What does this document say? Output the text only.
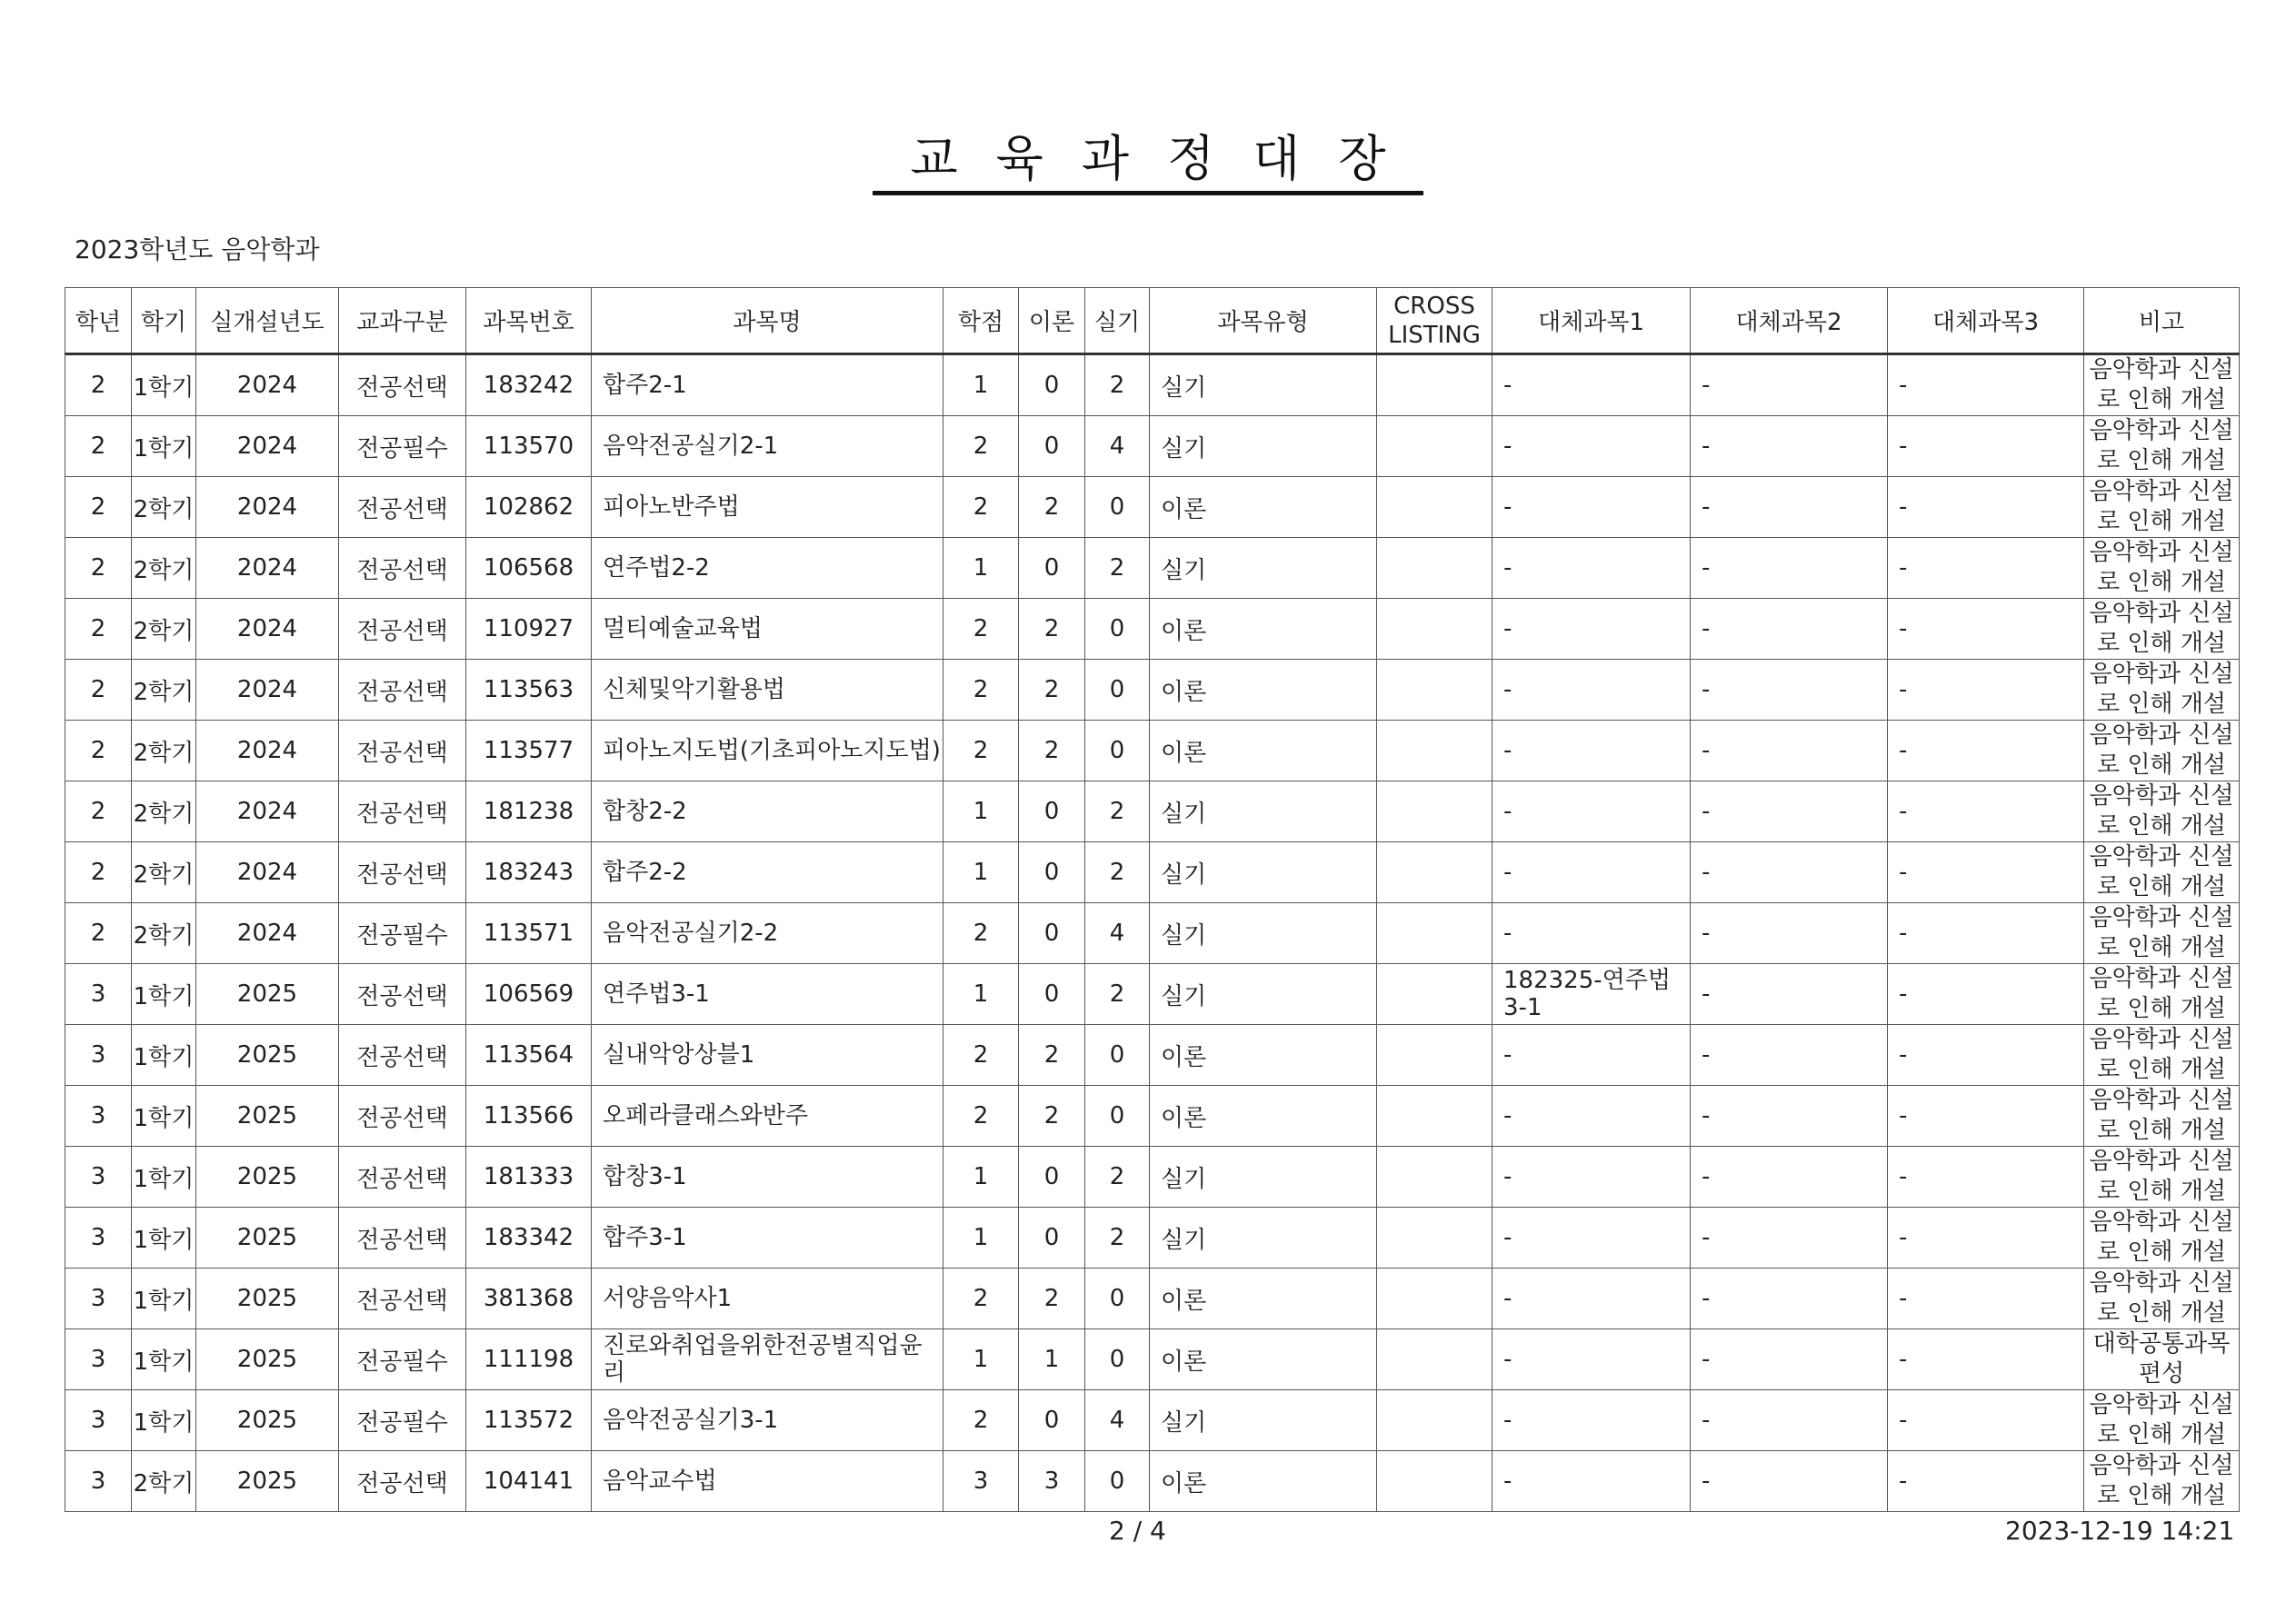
교육과정대장
2023학년도 음악학과
학년	학기	실개설년도	교과구분	과목번호	과목명	학점	이론	실기	과목유형	CROSS LISTING	대체과목1	대체과목2	대체과목3	비고
2	1학기	2024	전공선택	183242	합주2-1	1	0	2	실기		-	-	-	음악학과 신설로 인해 개설
2	1학기	2024	전공필수	113570	음악전공실기2-1	2	0	4	실기		-	-	-	음악학과 신설로 인해 개설
2	2학기	2024	전공선택	102862	피아노반주법	2	2	0	이론		-	-	-	음악학과 신설로 인해 개설
2	2학기	2024	전공선택	106568	연주법2-2	1	0	2	실기		-	-	-	음악학과 신설로 인해 개설
2	2학기	2024	전공선택	110927	멀티예술교육법	2	2	0	이론		-	-	-	음악학과 신설로 인해 개설
2	2학기	2024	전공선택	113563	신체및악기활용법	2	2	0	이론		-	-	-	음악학과 신설로 인해 개설
2	2학기	2024	전공선택	113577	피아노지도법(기초피아노지도법)	2	2	0	이론		-	-	-	음악학과 신설로 인해 개설
2	2학기	2024	전공선택	181238	합창2-2	1	0	2	실기		-	-	-	음악학과 신설로 인해 개설
2	2학기	2024	전공선택	183243	합주2-2	1	0	2	실기		-	-	-	음악학과 신설로 인해 개설
2	2학기	2024	전공필수	113571	음악전공실기2-2	2	0	4	실기		-	-	-	음악학과 신설로 인해 개설
3	1학기	2025	전공선택	106569	연주법3-1	1	0	2	실기		182325-연주법3-1	-	-	음악학과 신설로 인해 개설
3	1학기	2025	전공선택	113564	실내악앙상블1	2	2	0	이론		-	-	-	음악학과 신설로 인해 개설
3	1학기	2025	전공선택	113566	오페라클래스와반주	2	2	0	이론		-	-	-	음악학과 신설로 인해 개설
3	1학기	2025	전공선택	181333	합창3-1	1	0	2	실기		-	-	-	음악학과 신설로 인해 개설
3	1학기	2025	전공선택	183342	합주3-1	1	0	2	실기		-	-	-	음악학과 신설로 인해 개설
3	1학기	2025	전공선택	381368	서양음악사1	2	2	0	이론		-	-	-	음악학과 신설로 인해 개설
3	1학기	2025	전공필수	111198	진로와취업을위한전공별직업윤리	1	1	0	이론		-	-	-	대학공통과목 편성
3	1학기	2025	전공필수	113572	음악전공실기3-1	2	0	4	실기		-	-	-	음악학과 신설로 인해 개설
3	2학기	2025	전공선택	104141	음악교수법	3	3	0	이론		-	-	-	음악학과 신설로 인해 개설
2 / 4	2023-12-19 14:21
